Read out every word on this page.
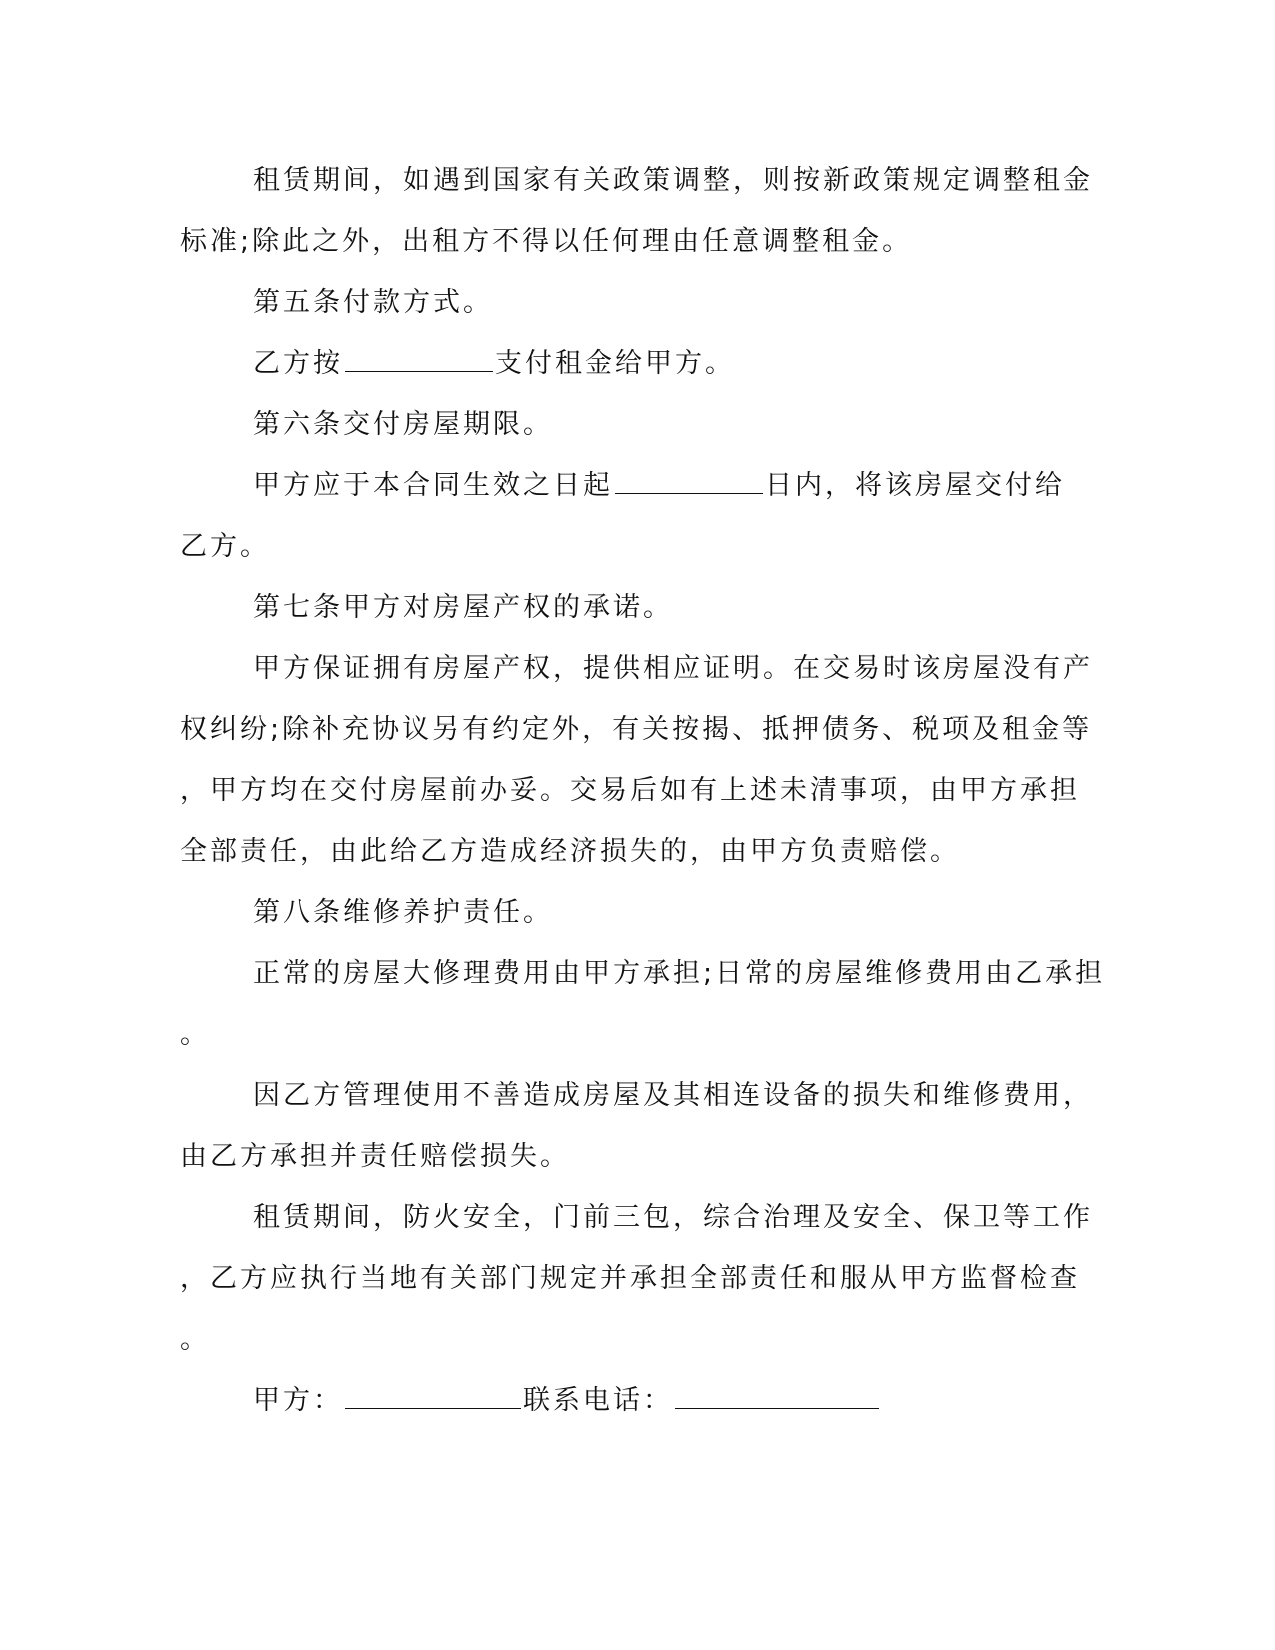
租赁期间，如遇到国家有关政策调整，则按新政策规定调整租金
标准;除此之外，出租方不得以任何理由任意调整租金。
第五条付款方式。
乙方按	支付租金给甲方。
第六条交付房屋期限。
甲方应于本合同生效之日起	日内，将该房屋交付给
乙方。
第七条甲方对房屋产权的承诺。
甲方保证拥有房屋产权，提供相应证明。在交易时该房屋没有产
权纠纷;除补充协议另有约定外，有关按揭、抵押债务、税项及租金等
，甲方均在交付房屋前办妥。交易后如有上述未清事项，由甲方承担
全部责任，由此给乙方造成经济损失的，由甲方负责赔偿。
第八条维修养护责任。
正常的房屋大修理费用由甲方承担;日常的房屋维修费用由乙承担
。
因乙方管理使用不善造成房屋及其相连设备的损失和维修费用，
由乙方承担并责任赔偿损失。
租赁期间，防火安全，门前三包，综合治理及安全、保卫等工作
，乙方应执行当地有关部门规定并承担全部责任和服从甲方监督检查
。
甲方：	联系电话：
